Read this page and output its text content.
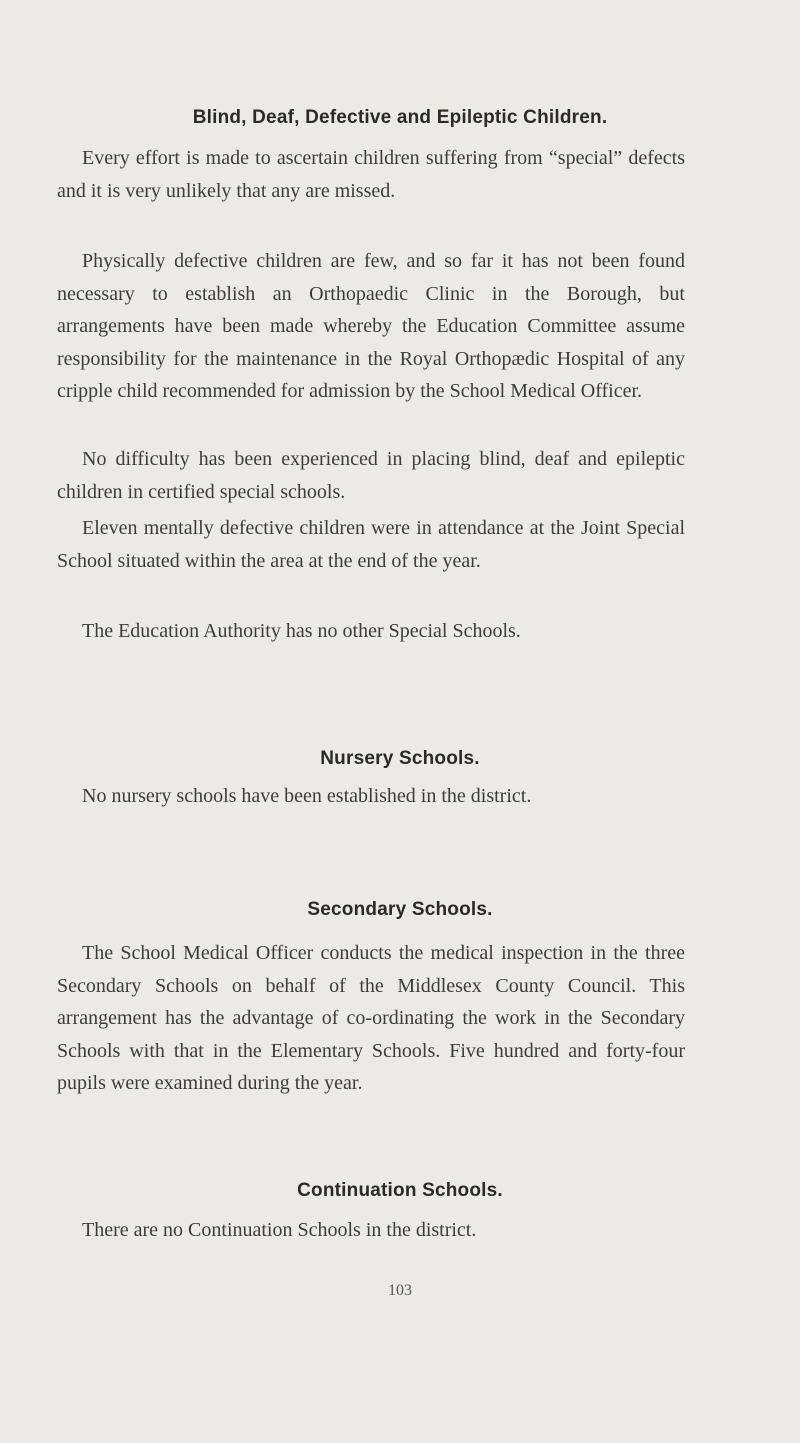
Blind, Deaf, Defective and Epileptic Children.

Every effort is made to ascertain children suffering from “special” defects and it is very unlikely that any are missed.

Physically defective children are few, and so far it has not been found necessary to establish an Orthopaedic Clinic in the Borough, but arrangements have been made whereby the Education Committee assume responsibility for the maintenance in the Royal Orthopædic Hospital of any cripple child recommended for admission by the School Medical Officer.

No difficulty has been experienced in placing blind, deaf and epileptic children in certified special schools.

Eleven mentally defective children were in attendance at the Joint Special School situated within the area at the end of the year.

The Education Authority has no other Special Schools.

Nursery Schools.

No nursery schools have been established in the district.

Secondary Schools.

The School Medical Officer conducts the medical inspection in the three Secondary Schools on behalf of the Middlesex County Council. This arrangement has the advantage of co-ordinating the work in the Secondary Schools with that in the Elementary Schools. Five hundred and forty-four pupils were examined during the year.

Continuation Schools.

There are no Continuation Schools in the district.

103
